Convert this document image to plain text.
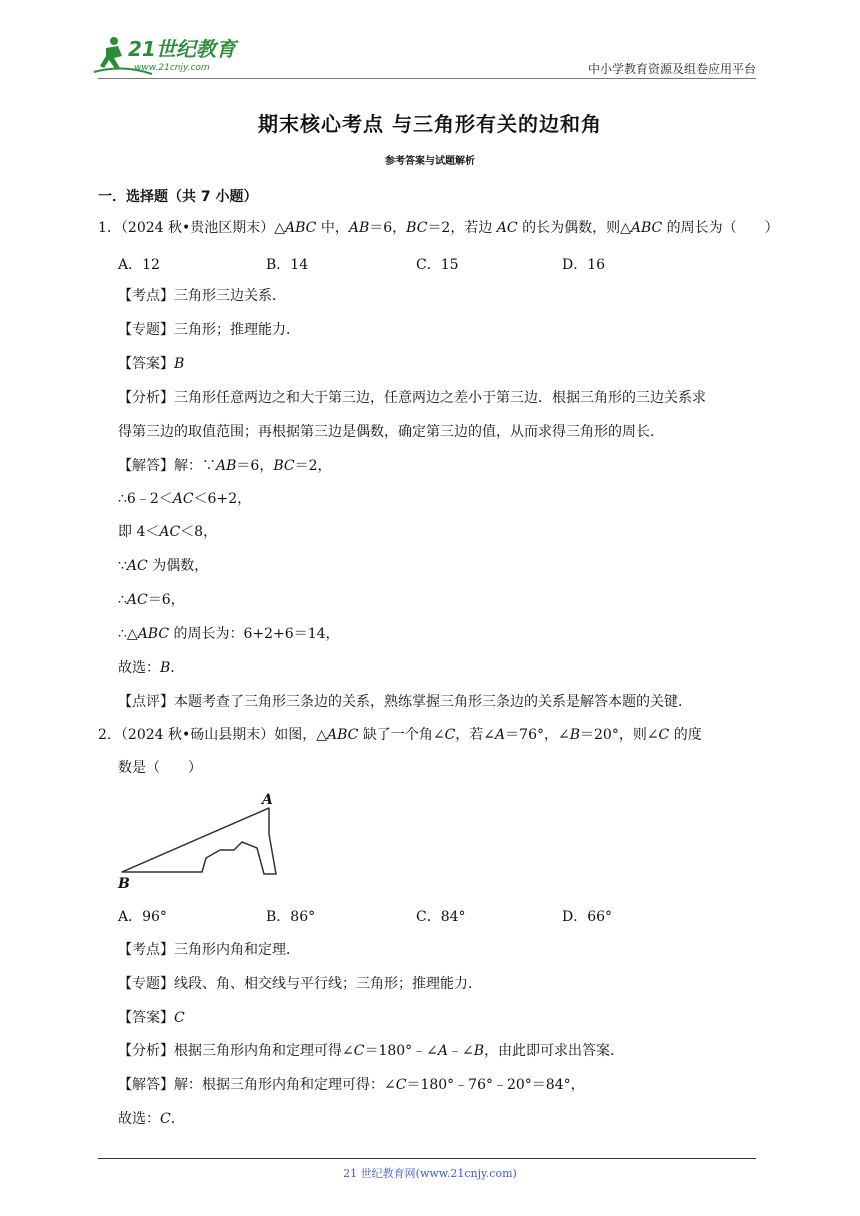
21世纪教育
www.21cnjy.com	中小学教育资源及组卷应用平台
期末核心考点 与三角形有关的边和角
参考答案与试题解析
一．选择题（共 7 小题）
1．（2024 秋•贵池区期末）△ABC 中，AB＝6，BC＝2，若边 AC 的长为偶数，则△ABC 的周长为（　　）
A．12	B．14	C．15	D．16
【考点】三角形三边关系．
【专题】三角形；推理能力．
【答案】B
【分析】三角形任意两边之和大于第三边，任意两边之差小于第三边．根据三角形的三边关系求
得第三边的取值范围；再根据第三边是偶数，确定第三边的值，从而求得三角形的周长．
【解答】解：∵AB＝6，BC＝2，
∴6﹣2＜AC＜6+2，
即 4＜AC＜8，
∵AC 为偶数，
∴AC＝6，
∴△ABC 的周长为：6+2+6＝14，
故选：B．
【点评】本题考查了三角形三条边的关系，熟练掌握三角形三条边的关系是解答本题的关键．
2．（2024 秋•砀山县期末）如图，△ABC 缺了一个角∠C，若∠A＝76°，∠B＝20°，则∠C 的度
数是（　　）
A
B
A．96°	B．86°	C．84°	D．66°
【考点】三角形内角和定理．
【专题】线段、角、相交线与平行线；三角形；推理能力．
【答案】C
【分析】根据三角形内角和定理可得∠C＝180°﹣∠A﹣∠B，由此即可求出答案．
【解答】解：根据三角形内角和定理可得：∠C＝180°﹣76°﹣20°＝84°，
故选：C．
21 世纪教育网(www.21cnjy.com)
